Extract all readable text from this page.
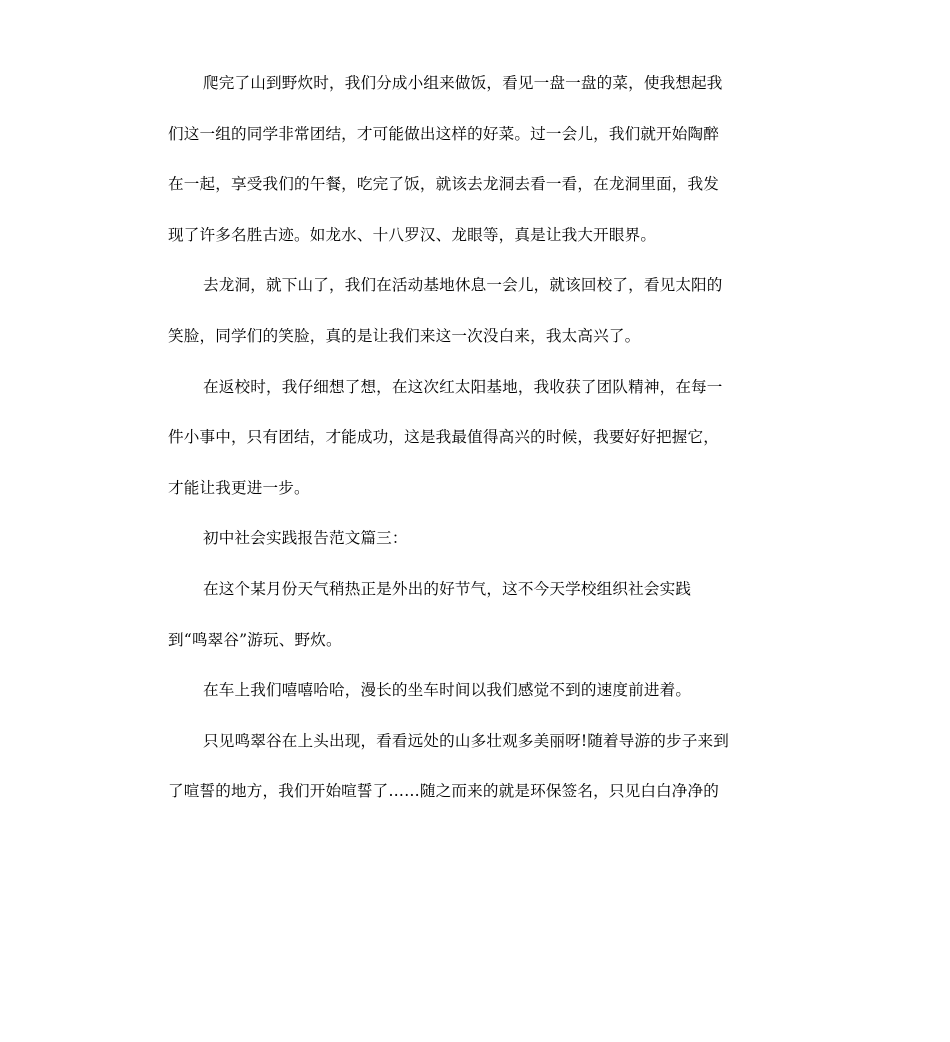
爬完了山到野炊时，我们分成小组来做饭，看见一盘一盘的菜，使我想起我

们这一组的同学非常团结，才可能做出这样的好菜。过一会儿，我们就开始陶醉

在一起，享受我们的午餐，吃完了饭，就该去龙洞去看一看，在龙洞里面，我发

现了许多名胜古迹。如龙水、十八罗汉、龙眼等，真是让我大开眼界。

去龙洞，就下山了，我们在活动基地休息一会儿，就该回校了，看见太阳的

笑脸，同学们的笑脸，真的是让我们来这一次没白来，我太高兴了。

在返校时，我仔细想了想，在这次红太阳基地，我收获了团队精神，在每一

件小事中，只有团结，才能成功，这是我最值得高兴的时候，我要好好把握它，

才能让我更进一步。

初中社会实践报告范文篇三：

在这个某月份天气稍热正是外出的好节气，这不今天学校组织社会实践

到“鸣翠谷”游玩、野炊。

在车上我们嘻嘻哈哈，漫长的坐车时间以我们感觉不到的速度前进着。

只见鸣翠谷在上头出现，看看远处的山多壮观多美丽呀!随着导游的步子来到

了喧誓的地方，我们开始喧誓了……随之而来的就是环保签名，只见白白净净的
